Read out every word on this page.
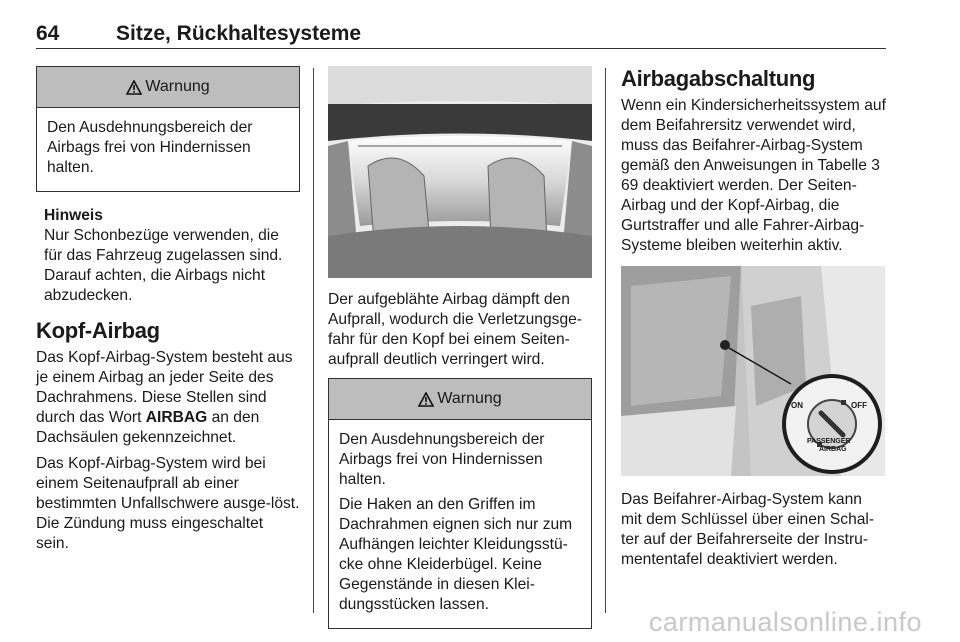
64	Sitze, Rückhaltesysteme
Warnung

Den Ausdehnungsbereich der Airbags frei von Hindernissen halten.

Hinweis
Nur Schonbezüge verwenden, die für das Fahrzeug zugelassen sind. Darauf achten, die Airbags nicht abzudecken.
Kopf-Airbag

Das Kopf-Airbag-System besteht aus je einem Airbag an jeder Seite des Dachrahmens. Diese Stellen sind durch das Wort AIRBAG an den Dachsäulen gekennzeichnet.

Das Kopf-Airbag-System wird bei einem Seitenaufprall ab einer bestimmten Unfallschwere ausge-löst. Die Zündung muss eingeschaltet sein.

Der aufgeblähte Airbag dämpft den Aufprall, wodurch die Verletzungsge-fahr für den Kopf bei einem Seiten-aufprall deutlich verringert wird.

Warnung

Den Ausdehnungsbereich der Airbags frei von Hindernissen halten.

Die Haken an den Griffen im Dachrahmen eignen sich nur zum Aufhängen leichter Kleidungsstü-cke ohne Kleiderbügel. Keine Gegenstände in diesen Klei-dungsstücken lassen.

Airbagabschaltung

Wenn ein Kindersicherheitssystem auf dem Beifahrersitz verwendet wird, muss das Beifahrer-Airbag-System gemäß den Anweisungen in Tabelle 3 69 deaktiviert werden. Der Seiten-Airbag und der Kopf-Airbag, die Gurtstraffer und alle Fahrer-Airbag-Systeme bleiben weiterhin aktiv.

ON	OFF
PASSENGER
AIRBAG

Das Beifahrer-Airbag-System kann mit dem Schlüssel über einen Schal-ter auf der Beifahrerseite der Instru-mententafel deaktiviert werden.

carmanualsonline.info
